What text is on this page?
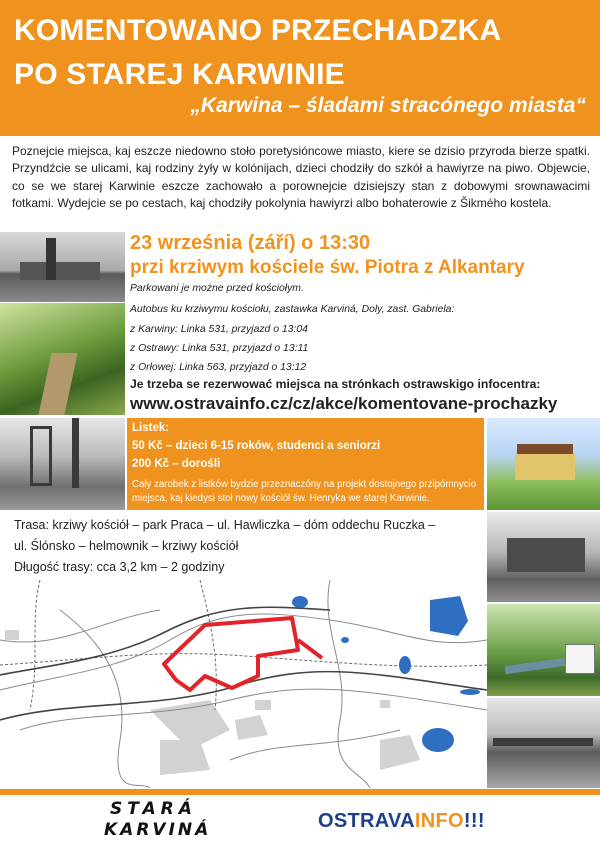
KOMENTOWANO PRZECHADZKA
PO STAREJ KARWINIE
„Karwina – śladami stracónego miasta“

Poznejcie miejsca, kaj eszcze niedowno stoło poretysióncowe miasto, kiere se dzisio przyroda bierze spatki. Przyndźcie se ulicami, kaj rodziny żyły w kolónijach, dzieci chodziły do szkół a hawiyrze na piwo. Objewcie, co se we starej Karwinie eszcze zachowało a porownejcie dzisiejszy stan z dobowymi srownawacimi fotkami. Wydejcie se po cestach, kaj chodziły pokolynia hawiyrzi albo bohaterowie z Šikmého kostela.

23 września (září) o 13:30
przi krziwym kościele św. Piotra z Alkantary
Parkowani je możne przed kościołym.
Autobus ku krziwymu kościołu, zastawka Karviná, Doly, zast. Gabriela:
z Karwiny: Linka 531, przyjazd o 13:04
z Ostrawy: Linka 531, przyjazd o 13:11
z Orłowej: Linka 563, przyjazd o 13:12
Je trzeba se rezerwować miejsca na strónkach ostrawskigo infocentra:
www.ostravainfo.cz/cz/akce/komentovane-prochazky
Listek:
50 Kč – dzieci 6-15 roków, studenci a seniorzi
200 Kč – dorośli
Cały zarobek z listków bydzie przeznaczóny na projekt dostojnego przipómnycio miejsca, kaj kiedysi stoł nowy kościół św. Henryka we starej Karwinie.
Trasa: krziwy kościół – park Praca – ul. Hawliczka – dóm oddechu Ruczka –
ul. Ślónsko – helmownik – krziwy kościół
Długość trasy: cca 3,2 km – 2 godziny
STARÁ
KARVINÁ	OSTRAVAINFO!!!
